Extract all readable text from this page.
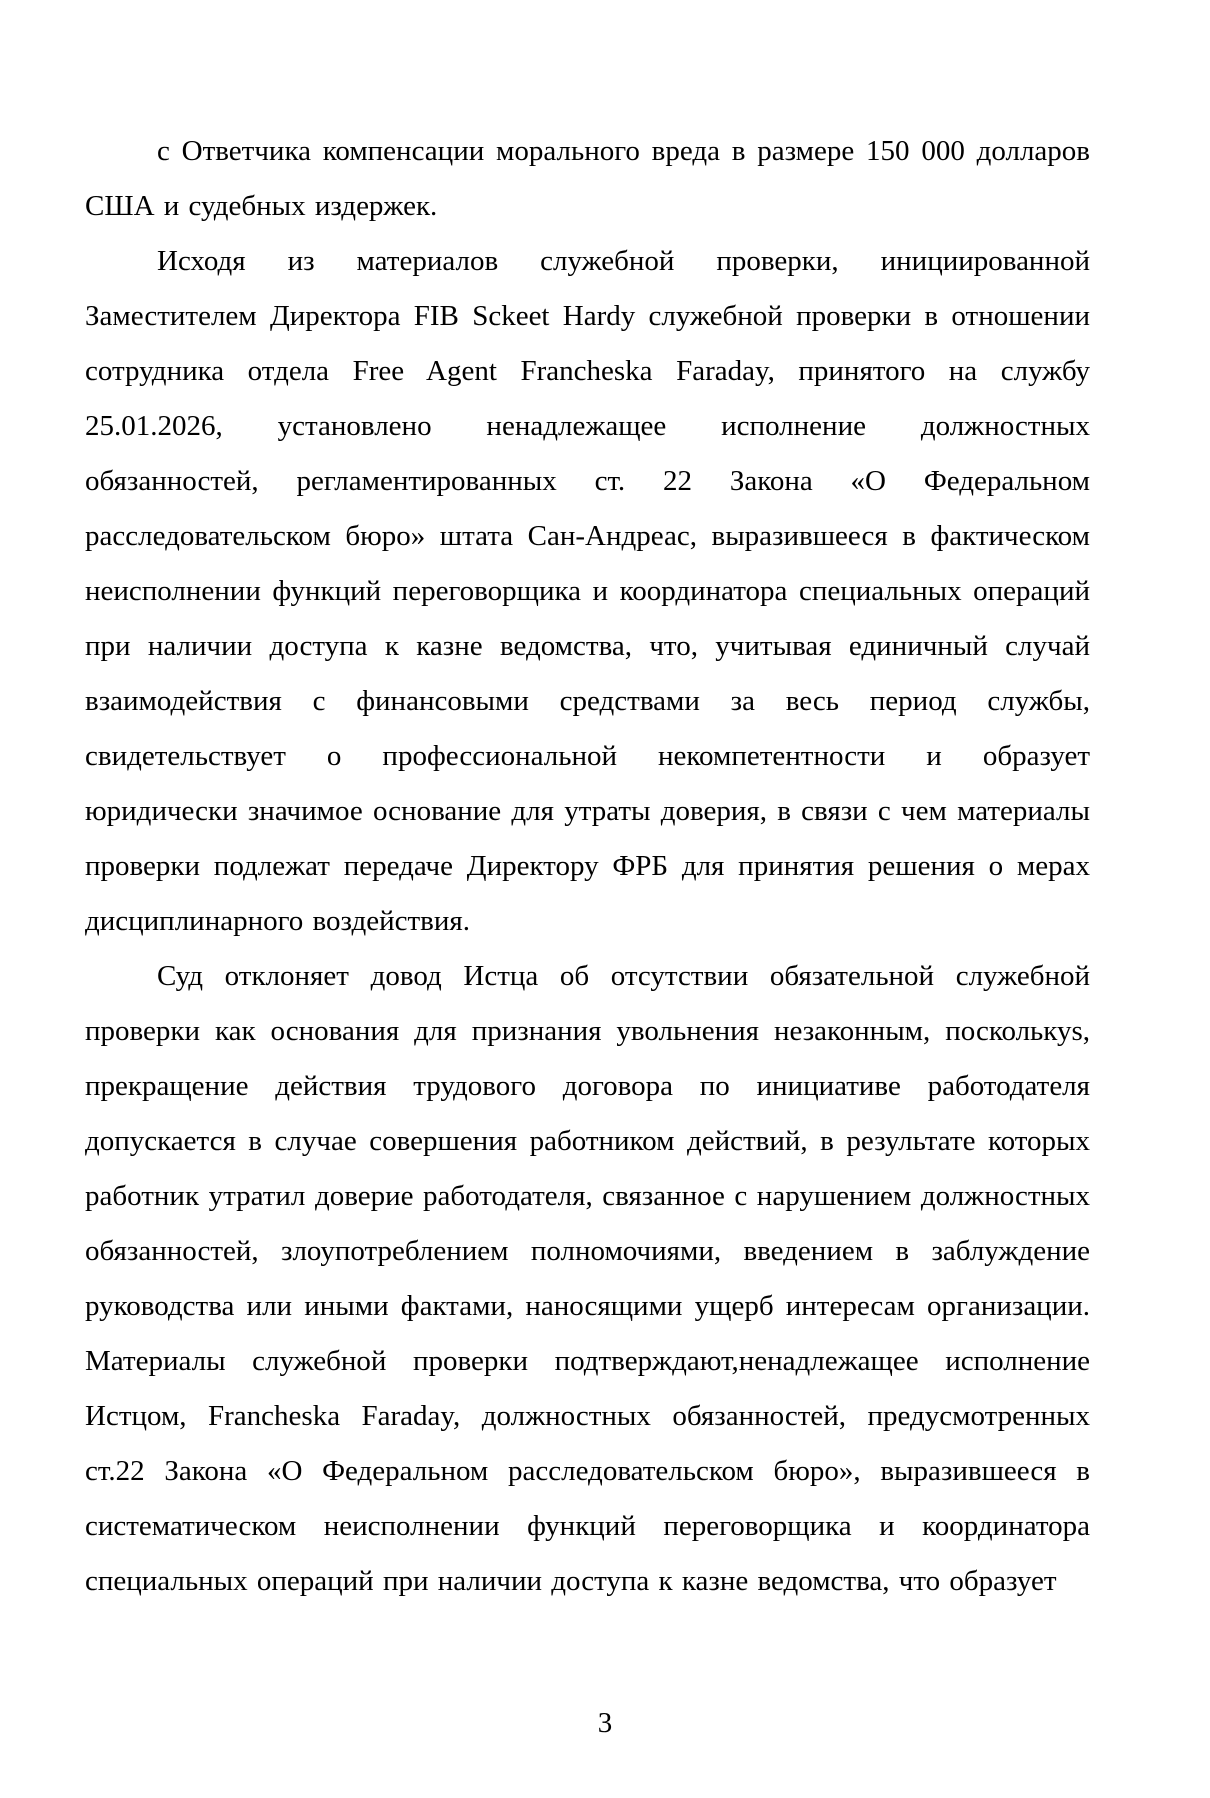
с Ответчика компенсации морального вреда в размере 150 000 долларов США и судебных издержек.

Исходя из материалов служебной проверки, инициированной Заместителем Директора FIB Sckeet Hardy служебной проверки в отношении сотрудника отдела Free Agent Francheska Faraday, принятого на службу 25.01.2026, установлено ненадлежащее исполнение должностных обязанностей, регламентированных ст. 22 Закона «О Федеральном расследовательском бюро» штата Сан-Андреас, выразившееся в фактическом неисполнении функций переговорщика и координатора специальных операций при наличии доступа к казне ведомства, что, учитывая единичный случай взаимодействия с финансовыми средствами за весь период службы, свидетельствует о профессиональной некомпетентности и образует юридически значимое основание для утраты доверия, в связи с чем материалы проверки подлежат передаче Директору ФРБ для принятия решения о мерах дисциплинарного воздействия.

Суд отклоняет довод Истца об отсутствии обязательной служебной проверки как основания для признания увольнения незаконным, посколькуs, прекращение действия трудового договора по инициативе работодателя допускается в случае совершения работником действий, в результате которых работник утратил доверие работодателя, связанное с нарушением должностных обязанностей, злоупотреблением полномочиями, введением в заблуждение руководства или иными фактами, наносящими ущерб интересам организации. Материалы служебной проверки подтверждают,ненадлежащее исполнение Истцом, Francheska Faraday, должностных обязанностей, предусмотренных ст.22 Закона «О Федеральном расследовательском бюро», выразившееся в систематическом неисполнении функций переговорщика и координатора специальных операций при наличии доступа к казне ведомства, что образует

3
